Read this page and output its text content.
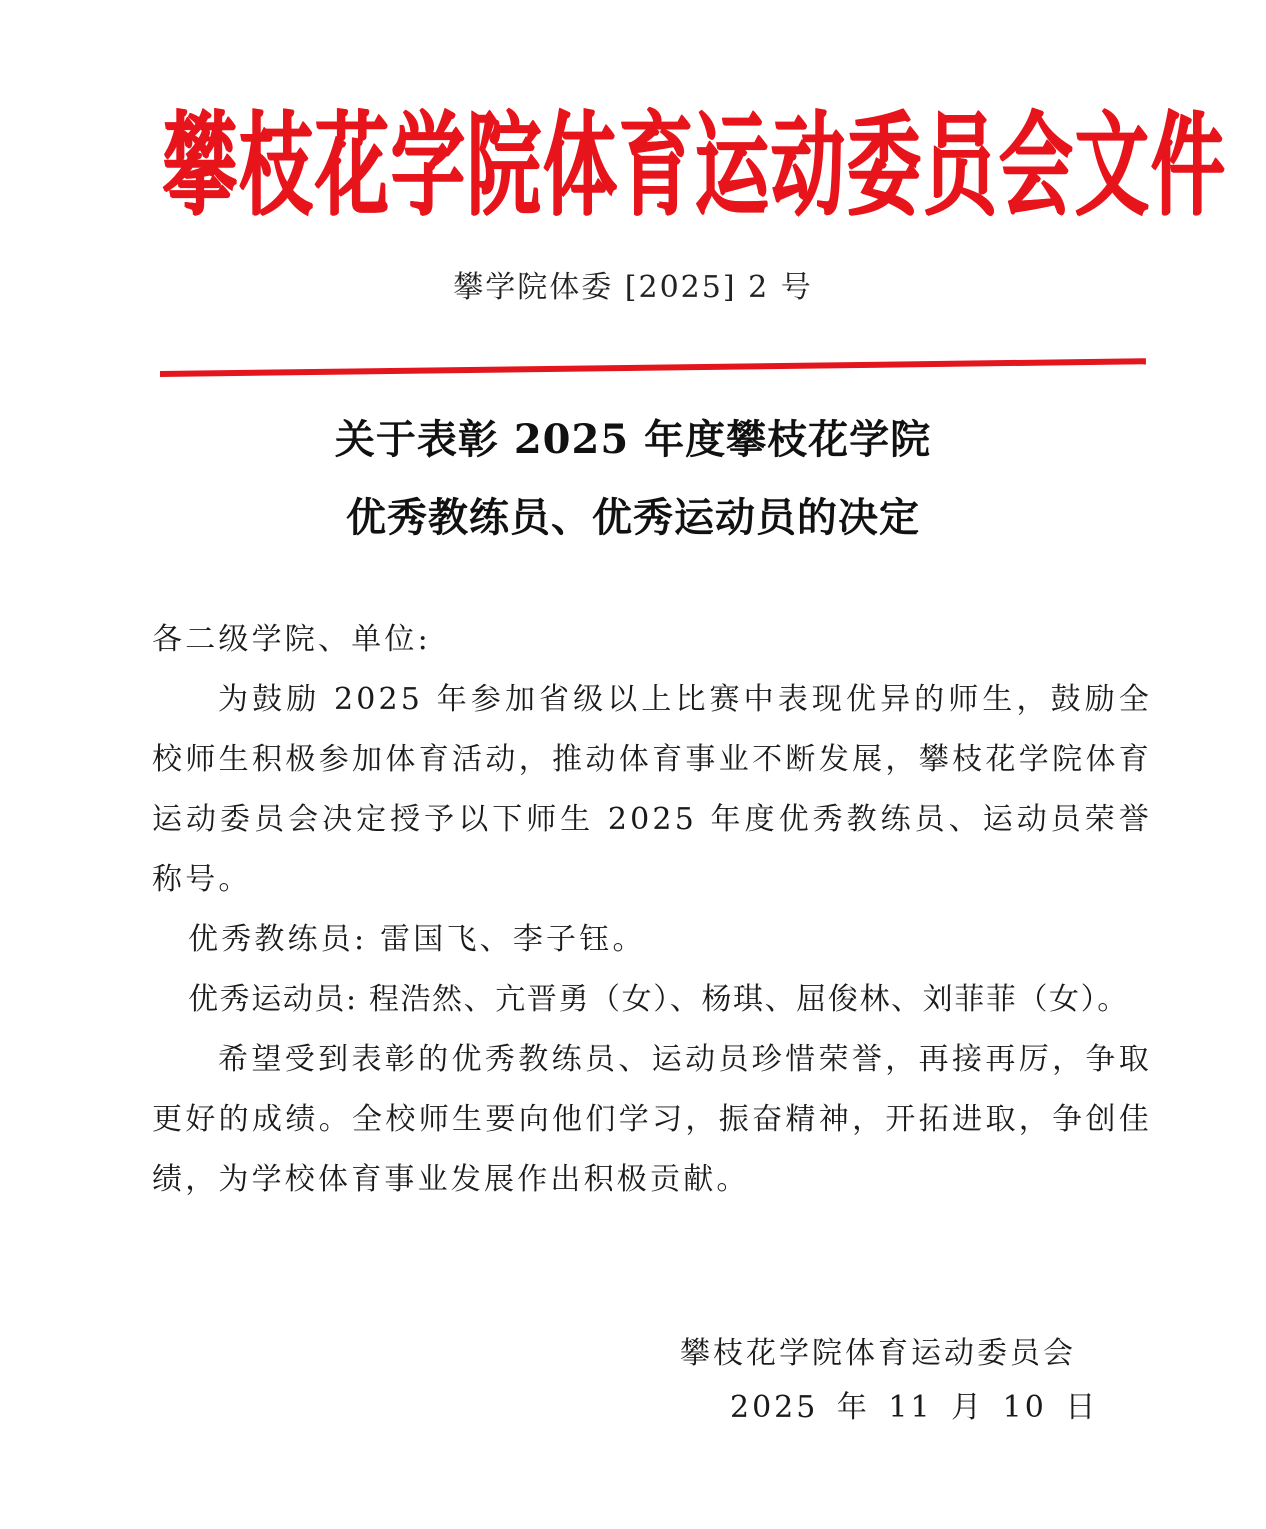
攀 枝 花 学 院 体 育 运 动 委 员 会 文 件
攀学院体委 [2025] 2 号
关于表彰 2025 年度攀枝花学院
优秀教练员、优秀运动员的决定
各二级学院、单位:
为鼓励 2025 年参加省级以上比赛中表现优异的师生，鼓励全校师生积极参加体育活动，推动体育事业不断发展，攀枝花学院体育运动委员会决定授予以下师生 2025 年度优秀教练员、运动员荣誉称号。
优秀教练员: 雷国飞、李子钰。
优秀运动员: 程浩然、亢晋勇（女）、杨琪、屈俊林、刘菲菲（女）。
希望受到表彰的优秀教练员、运动员珍惜荣誉，再接再厉，争取更好的成绩。全校师生要向他们学习，振奋精神，开拓进取，争创佳绩，为学校体育事业发展作出积极贡献。
攀枝花学院体育运动委员会
2025 年 11 月 10 日
